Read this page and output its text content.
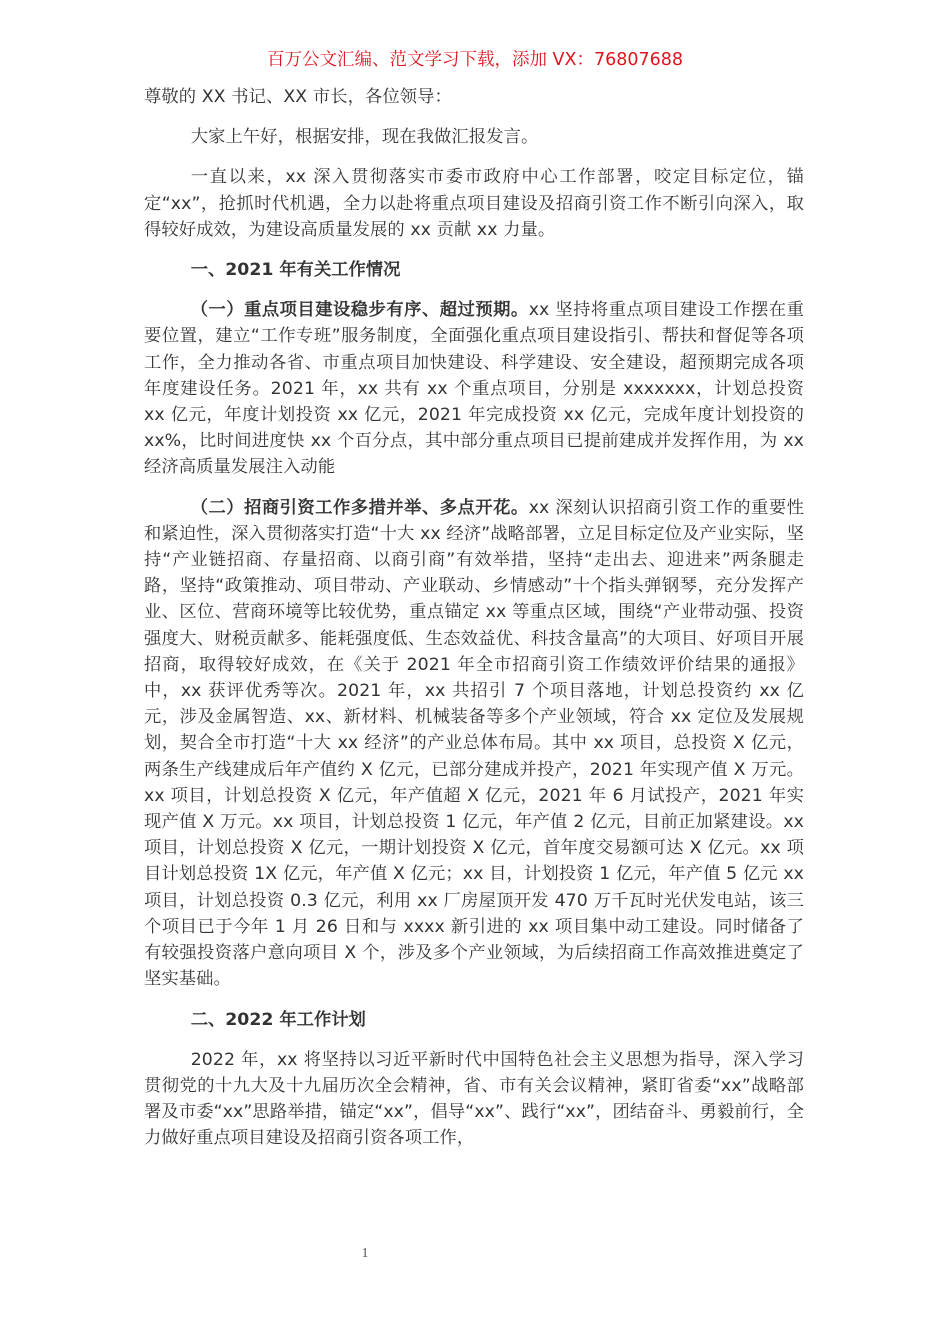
百万公文汇编、范文学习下载，添加 VX：76807688

尊敬的 XX 书记、XX 市长，各位领导：

大家上午好，根据安排，现在我做汇报发言。

一直以来，xx 深入贯彻落实市委市政府中心工作部署，咬定目标定位，锚定“xx”，抢抓时代机遇，全力以赴将重点项目建设及招商引资工作不断引向深入，取得较好成效，为建设高质量发展的 xx 贡献 xx 力量。

一、2021 年有关工作情况

（一）重点项目建设稳步有序、超过预期。xx 坚持将重点项目建设工作摆在重要位置，建立“工作专班”服务制度，全面强化重点项目建设指引、帮扶和督促等各项工作，全力推动各省、市重点项目加快建设、科学建设、安全建设，超预期完成各项年度建设任务。2021 年，xx 共有 xx 个重点项目，分别是 xxxxxxx，计划总投资 xx 亿元，年度计划投资 xx 亿元，2021 年完成投资 xx 亿元，完成年度计划投资的 xx%，比时间进度快 xx 个百分点，其中部分重点项目已提前建成并发挥作用，为 xx 经济高质量发展注入动能

（二）招商引资工作多措并举、多点开花。xx 深刻认识招商引资工作的重要性和紧迫性，深入贯彻落实打造“十大 xx 经济”战略部署，立足目标定位及产业实际，坚持“产业链招商、存量招商、以商引商”有效举措，坚持“走出去、迎进来”两条腿走路，坚持“政策推动、项目带动、产业联动、乡情感动”十个指头弹钢琴，充分发挥产业、区位、营商环境等比较优势，重点锚定 xx 等重点区域，围绕“产业带动强、投资强度大、财税贡献多、能耗强度低、生态效益优、科技含量高”的大项目、好项目开展招商，取得较好成效，在《关于 2021 年全市招商引资工作绩效评价结果的通报》中，xx 获评优秀等次。2021 年，xx 共招引 7 个项目落地，计划总投资约 xx 亿元，涉及金属智造、xx、新材料、机械装备等多个产业领域，符合 xx 定位及发展规划，契合全市打造“十大 xx 经济”的产业总体布局。其中 xx 项目，总投资 X 亿元，两条生产线建成后年产值约 X 亿元，已部分建成并投产，2021 年实现产值 X 万元。xx 项目，计划总投资 X 亿元，年产值超 X 亿元，2021 年 6 月试投产，2021 年实现产值 X 万元。xx 项目，计划总投资 1 亿元，年产值 2 亿元，目前正加紧建设。xx 项目，计划总投资 X 亿元，一期计划投资 X 亿元，首年度交易额可达 X 亿元。xx 项目计划总投资 1X 亿元，年产值 X 亿元；xx 目，计划投资 1 亿元，年产值 5 亿元 xx 项目，计划总投资 0.3 亿元，利用 xx 厂房屋顶开发 470 万千瓦时光伏发电站，该三个项目已于今年 1 月 26 日和与 xxxx 新引进的 xx 项目集中动工建设。同时储备了有较强投资落户意向项目 X 个，涉及多个产业领域，为后续招商工作高效推进奠定了坚实基础。

二、2022 年工作计划

2022 年，xx 将坚持以习近平新时代中国特色社会主义思想为指导，深入学习贯彻党的十九大及十九届历次全会精神，省、市有关会议精神，紧盯省委“xx”战略部署及市委“xx”思路举措，锚定“xx”，倡导“xx”、践行“xx”，团结奋斗、勇毅前行，全力做好重点项目建设及招商引资各项工作，

1
